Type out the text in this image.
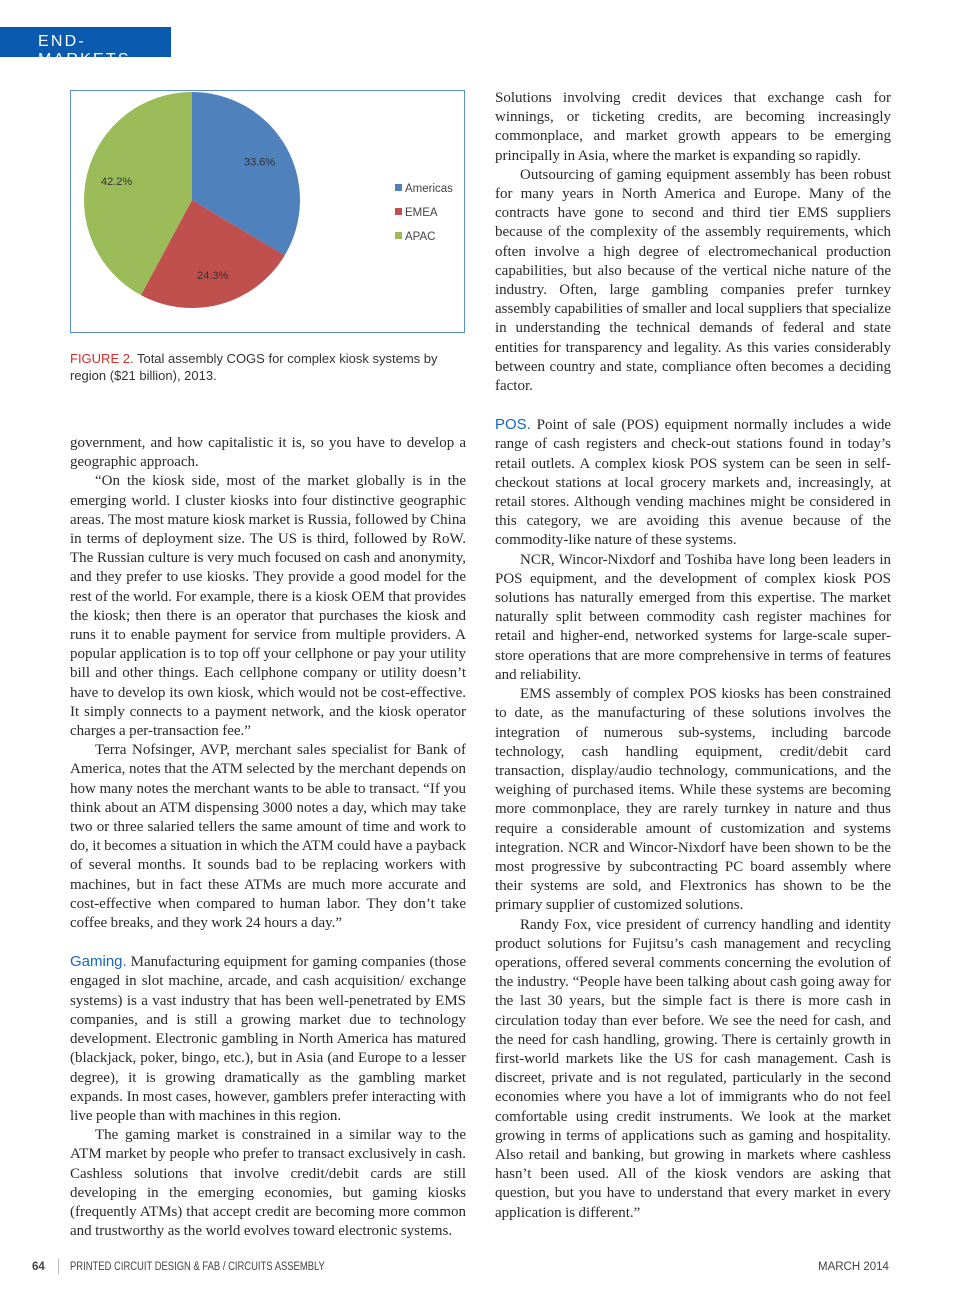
government, and how capitalistic it is, so you have to develop a geographic approach.

“On the kiosk side, most of the market globally is in the emerging world. I cluster kiosks into four distinctive geographic areas. The most mature kiosk market is Russia, followed by China in terms of deployment size. The US is third, followed by RoW. The Russian culture is very much focused on cash and anonymity, and they prefer to use kiosks. They provide a good model for the rest of the world. For example, there is a kiosk OEM that provides the kiosk; then there is an operator that purchases the kiosk and runs it to enable payment for service from multiple providers. A popular application is to top off your cellphone or pay your utility bill and other things. Each cellphone company or utility doesn’t have to develop its own kiosk, which would not be cost-effective. It simply connects to a payment network, and the kiosk operator charges a per-transaction fee.”

Terra Nofsinger, AVP, merchant sales specialist for Bank of America, notes that the ATM selected by the merchant depends on how many notes the merchant wants to be able to transact. “If you think about an ATM dispensing 3000 notes a day, which may take two or three salaried tellers the same amount of time and work to do, it becomes a situation in which the ATM could have a payback of several months. It sounds bad to be replacing workers with machines, but in fact these ATMs are much more accurate and cost-effective when compared to human labor. They don’t take coffee breaks, and they work 24 hours a day.”

Gaming. Manufacturing equipment for gaming companies (those engaged in slot machine, arcade, and cash acquisition/ exchange systems) is a vast industry that has been well-penetrated by EMS companies, and is still a growing market due to technology development. Electronic gambling in North America has matured (blackjack, poker, bingo, etc.), but in Asia (and Europe to a lesser degree), it is growing dramatically as the gambling market expands. In most cases, however, gamblers prefer interacting with live people than with machines in this region.

The gaming market is constrained in a similar way to the ATM market by people who prefer to transact exclusively in cash. Cashless solutions that involve credit/debit cards are still developing in the emerging economies, but gaming kiosks (frequently ATMs) that accept credit are becoming more common and trustworthy as the world evolves toward electronic systems.

Solutions involving credit devices that exchange cash for winnings, or ticketing credits, are becoming increasingly commonplace, and market growth appears to be emerging principally in Asia, where the market is expanding so rapidly.

Outsourcing of gaming equipment assembly has been robust for many years in North America and Europe. Many of the contracts have gone to second and third tier EMS suppliers because of the complexity of the assembly requirements, which often involve a high degree of electromechanical production capabilities, but also because of the vertical niche nature of the industry. Often, large gambling companies prefer turnkey assembly capabilities of smaller and local suppliers that specialize in understanding the technical demands of federal and state entities for transparency and legality. As this varies considerably between country and state, compliance often becomes a deciding factor.

POS. Point of sale (POS) equipment normally includes a wide range of cash registers and check-out stations found in today’s retail outlets. A complex kiosk POS system can be seen in self-checkout stations at local grocery markets and, increasingly, at retail stores. Although vending machines might be considered in this category, we are avoiding this avenue because of the commodity-like nature of these systems.

NCR, Wincor-Nixdorf and Toshiba have long been leaders in POS equipment, and the development of complex kiosk POS solutions has naturally emerged from this expertise. The market naturally split between commodity cash register machines for retail and higher-end, networked systems for large-scale super-store operations that are more comprehensive in terms of features and reliability.

EMS assembly of complex POS kiosks has been constrained to date, as the manufacturing of these solutions involves the integration of numerous sub-systems, including barcode technology, cash handling equipment, credit/debit card transaction, display/audio technology, communications, and the weighing of purchased items. While these systems are becoming more commonplace, they are rarely turnkey in nature and thus require a considerable amount of customization and systems integration. NCR and Wincor-Nixdorf have been shown to be the most progressive by subcontracting PC board assembly where their systems are sold, and Flextronics has shown to be the primary supplier of customized solutions.

Randy Fox, vice president of currency handling and identity product solutions for Fujitsu’s cash management and recycling operations, offered several comments concerning the evolution of the industry. “People have been talking about cash going away for the last 30 years, but the simple fact is there is more cash in circulation today than ever before. We see the need for cash, and the need for cash handling, growing. There is certainly growth in first-world markets like the US for cash management. Cash is discreet, private and is not regulated, particularly in the second economies where you have a lot of immigrants who do not feel comfortable using credit instruments. We look at the market growing in terms of applications such as gaming and hospitality. Also retail and banking, but growing in markets where cashless hasn’t been used. All of the kiosk vendors are asking that question, but you have to understand that every market in every application is different.”

64 PRINTED CIRCUIT DESIGN & FAB / CIRCUITS ASSEMBLY	MARCH 2014
END-MARKETS
33.6%
Americas
24.3%
EMEA
42.2%
APAC
FIGURE 2. Total assembly COGS for complex kiosk systems by region ($21 billion), 2013.
